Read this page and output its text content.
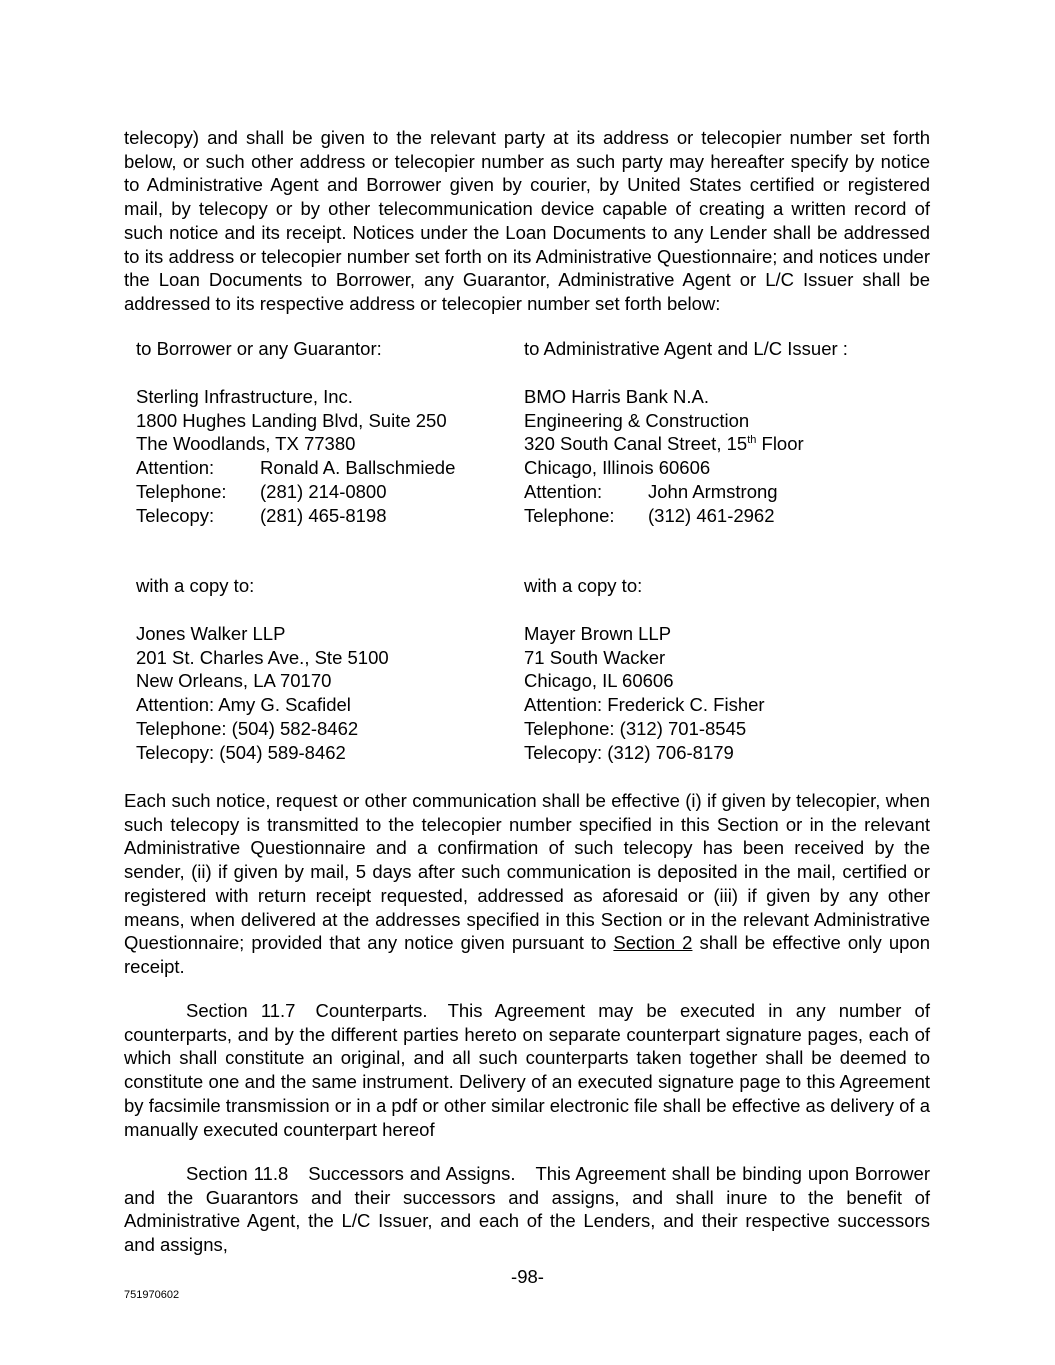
telecopy) and shall be given to the relevant party at its address or telecopier number set forth below, or such other address or telecopier number as such party may hereafter specify by notice to Administrative Agent and Borrower given by courier, by United States certified or registered mail, by telecopy or by other telecommunication device capable of creating a written record of such notice and its receipt. Notices under the Loan Documents to any Lender shall be addressed to its address or telecopier number set forth on its Administrative Questionnaire; and notices under the Loan Documents to Borrower, any Guarantor, Administrative Agent or L/C Issuer shall be addressed to its respective address or telecopier number set forth below:

to Borrower or any Guarantor:
Sterling Infrastructure, Inc.
1800 Hughes Landing Blvd, Suite 250
The Woodlands, TX 77380
Attention: Ronald A. Ballschmiede
Telephone: (281) 214-0800
Telecopy: (281) 465-8198
to Administrative Agent and L/C Issuer :
BMO Harris Bank N.A.
Engineering & Construction
320 South Canal Street, 15th Floor
Chicago, Illinois 60606
Attention: John Armstrong
Telephone: (312) 461-2962
with a copy to:
Jones Walker LLP
201 St. Charles Ave., Ste 5100
New Orleans, LA 70170
Attention: Amy G. Scafidel
Telephone: (504) 582-8462
Telecopy: (504) 589-8462
with a copy to:
Mayer Brown LLP
71 South Wacker
Chicago, IL 60606
Attention: Frederick C. Fisher
Telephone: (312) 701-8545
Telecopy: (312) 706-8179

Each such notice, request or other communication shall be effective (i) if given by telecopier, when such telecopy is transmitted to the telecopier number specified in this Section or in the relevant Administrative Questionnaire and a confirmation of such telecopy has been received by the sender, (ii) if given by mail, 5 days after such communication is deposited in the mail, certified or registered with return receipt requested, addressed as aforesaid or (iii) if given by any other means, when delivered at the addresses specified in this Section or in the relevant Administrative Questionnaire; provided that any notice given pursuant to Section 2 shall be effective only upon receipt.

Section 11.7 Counterparts. This Agreement may be executed in any number of counterparts, and by the different parties hereto on separate counterpart signature pages, each of which shall constitute an original, and all such counterparts taken together shall be deemed to constitute one and the same instrument. Delivery of an executed signature page to this Agreement by facsimile transmission or in a pdf or other similar electronic file shall be effective as delivery of a manually executed counterpart hereof

Section 11.8 Successors and Assigns. This Agreement shall be binding upon Borrower and the Guarantors and their successors and assigns, and shall inure to the benefit of Administrative Agent, the L/C Issuer, and each of the Lenders, and their respective successors and assigns,

-98-
751970602
